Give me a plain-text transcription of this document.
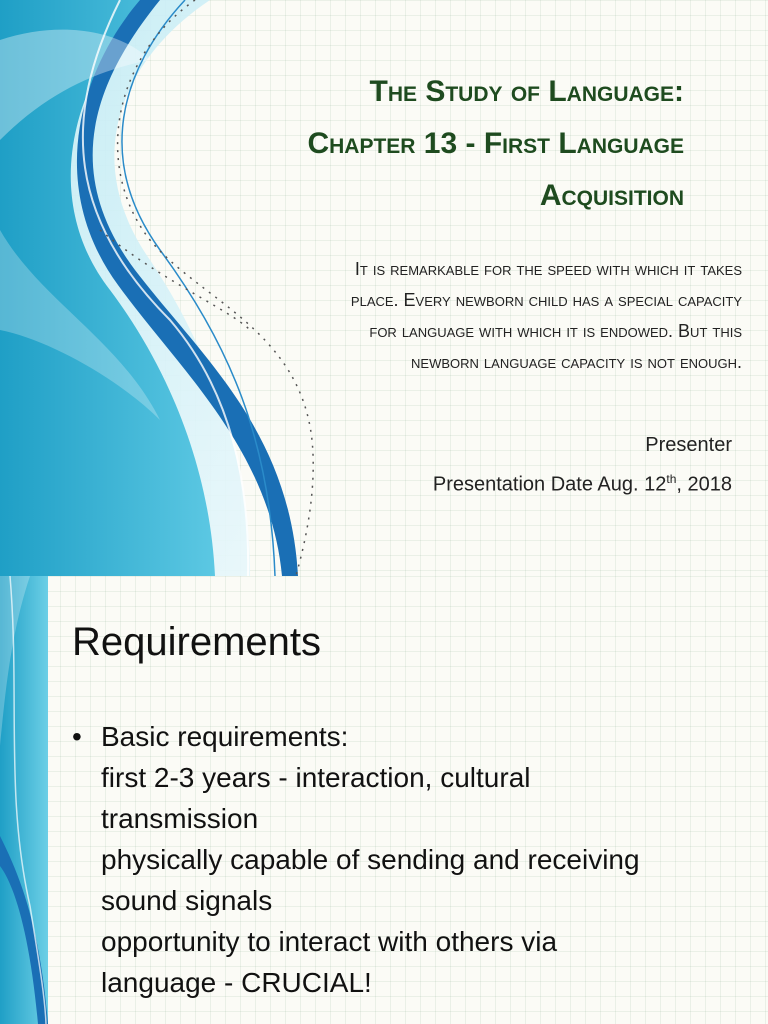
The Study of Language:
Chapter 13 - First Language
Acquisition

It is remarkable for the speed with which it takes
place. Every newborn child has a special capacity
for language with which it is endowed. But this
newborn language capacity is not enough.

Presenter

Presentation Date Aug. 12th, 2018

Requirements
• Basic requirements:
first 2-3 years - interaction, cultural
transmission
physically capable of sending and receiving
sound signals
opportunity to interact with others via
language - CRUCIAL!
